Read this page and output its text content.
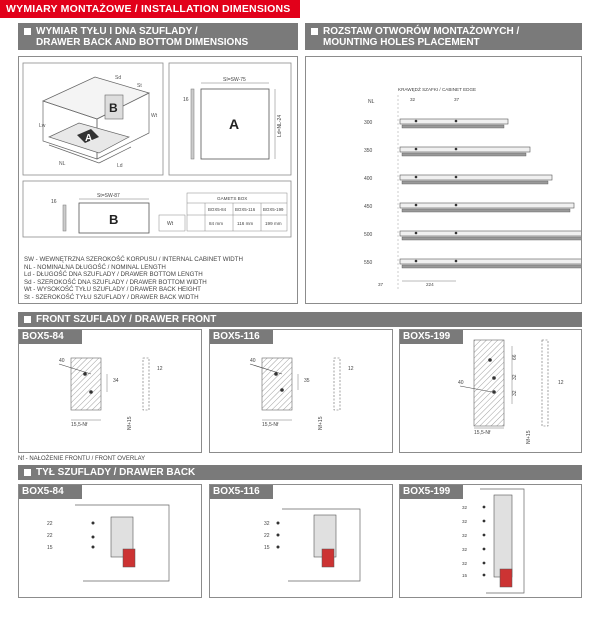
WYMIARY MONTAŻOWE / INSTALLATION DIMENSIONS
WYMIAR TYŁU I DNA SZUFLADY /
DRAWER BACK AND BOTTOM DIMENSIONS
ROZSTAW OTWORÓW MONTAŻOWYCH /
MOUNTING HOLES PLACEMENT
B
A
Lw
Sd
NL	Ld
Wt
St
A
SI=SW-75
16
Ld=NL-24
B
16
St=SW-87	GAMETS BOX
BOX5-84 BOX5-116 BOX5-199
Wt	84 mm	116 mm	199 mm
SW - WEWNĘTRZNA SZEROKOŚĆ KORPUSU / INTERNAL CABINET WIDTH
NL - NOMINALNA DŁUGOŚĆ / NOMINAL LENGTH
Ld - DŁUGOŚĆ DNA SZUFLADY / DRAWER BOTTOM LENGTH
Sd - SZEROKOŚĆ DNA SZUFLADY / DRAWER BOTTOM WIDTH
Wt - WYSOKOŚĆ TYŁU SZUFLADY / DRAWER BACK HEIGHT
St - SZEROKOŚĆ TYŁU SZUFLADY / DRAWER BACK WIDTH
KRAWĘDŹ SZAFKI / CABINET EDGE
NL	32	37
300
350
400
450
500
550
37	224
FRONT SZUFLADY / DRAWER FRONT
BOX5-84
40
34
15,5-Nf	Nf+15
12
BOX5-116
40
35
15,5-Nf	Nf+15
12
BOX5-199
40
66
32
32
15,5-Nf	Nf+15
12
Nf - NAŁOŻENIE FRONTU / FRONT OVERLAY
TYŁ SZUFLADY / DRAWER BACK
BOX5-84
22
22
15
BOX5-116
32
22
15
BOX5-199
32
32
32
32
32
15
